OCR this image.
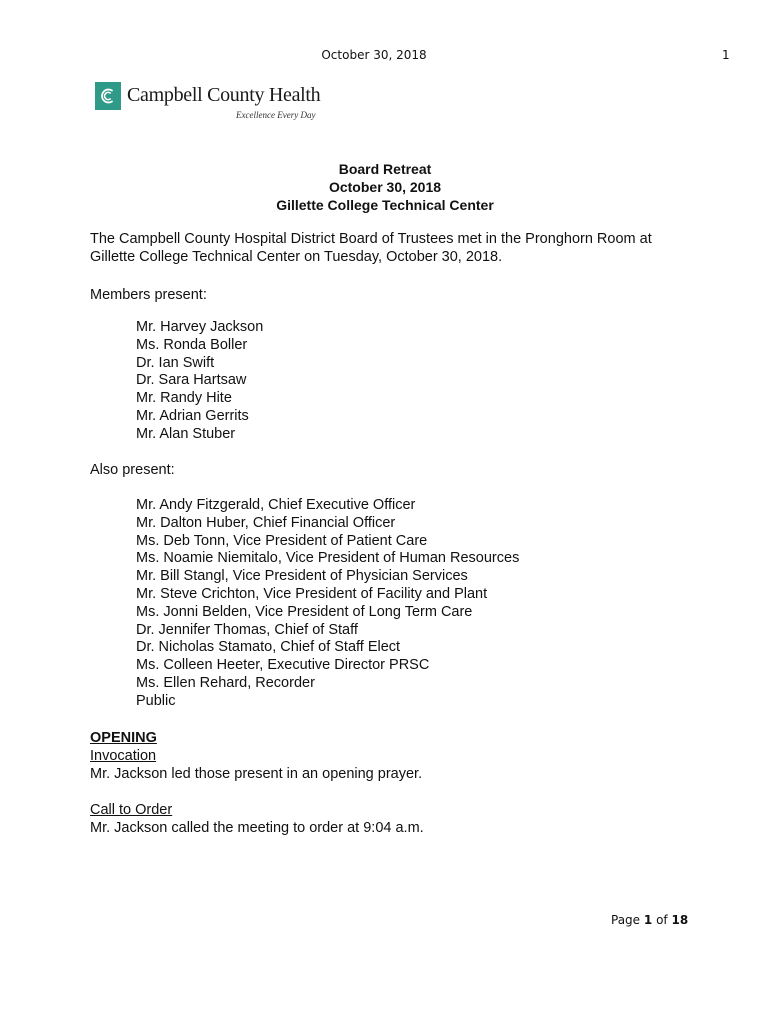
October 30, 2018	1
Campbell County Health
Excellence Every Day
Board Retreat
October 30, 2018
Gillette College Technical Center
The Campbell County Hospital District Board of Trustees met in the Pronghorn Room at Gillette College Technical Center on Tuesday, October 30, 2018.
Members present:
Mr. Harvey Jackson
Ms. Ronda Boller
Dr. Ian Swift
Dr. Sara Hartsaw
Mr. Randy Hite
Mr. Adrian Gerrits
Mr. Alan Stuber
Also present:
Mr. Andy Fitzgerald, Chief Executive Officer
Mr. Dalton Huber, Chief Financial Officer
Ms. Deb Tonn, Vice President of Patient Care
Ms. Noamie Niemitalo, Vice President of Human Resources
Mr. Bill Stangl, Vice President of Physician Services
Mr. Steve Crichton, Vice President of Facility and Plant
Ms. Jonni Belden, Vice President of Long Term Care
Dr. Jennifer Thomas, Chief of Staff
Dr. Nicholas Stamato, Chief of Staff Elect
Ms. Colleen Heeter, Executive Director PRSC
Ms. Ellen Rehard, Recorder
Public
OPENING
Invocation
Mr. Jackson led those present in an opening prayer.
Call to Order
Mr. Jackson called the meeting to order at 9:04 a.m.
Page 1 of 18
